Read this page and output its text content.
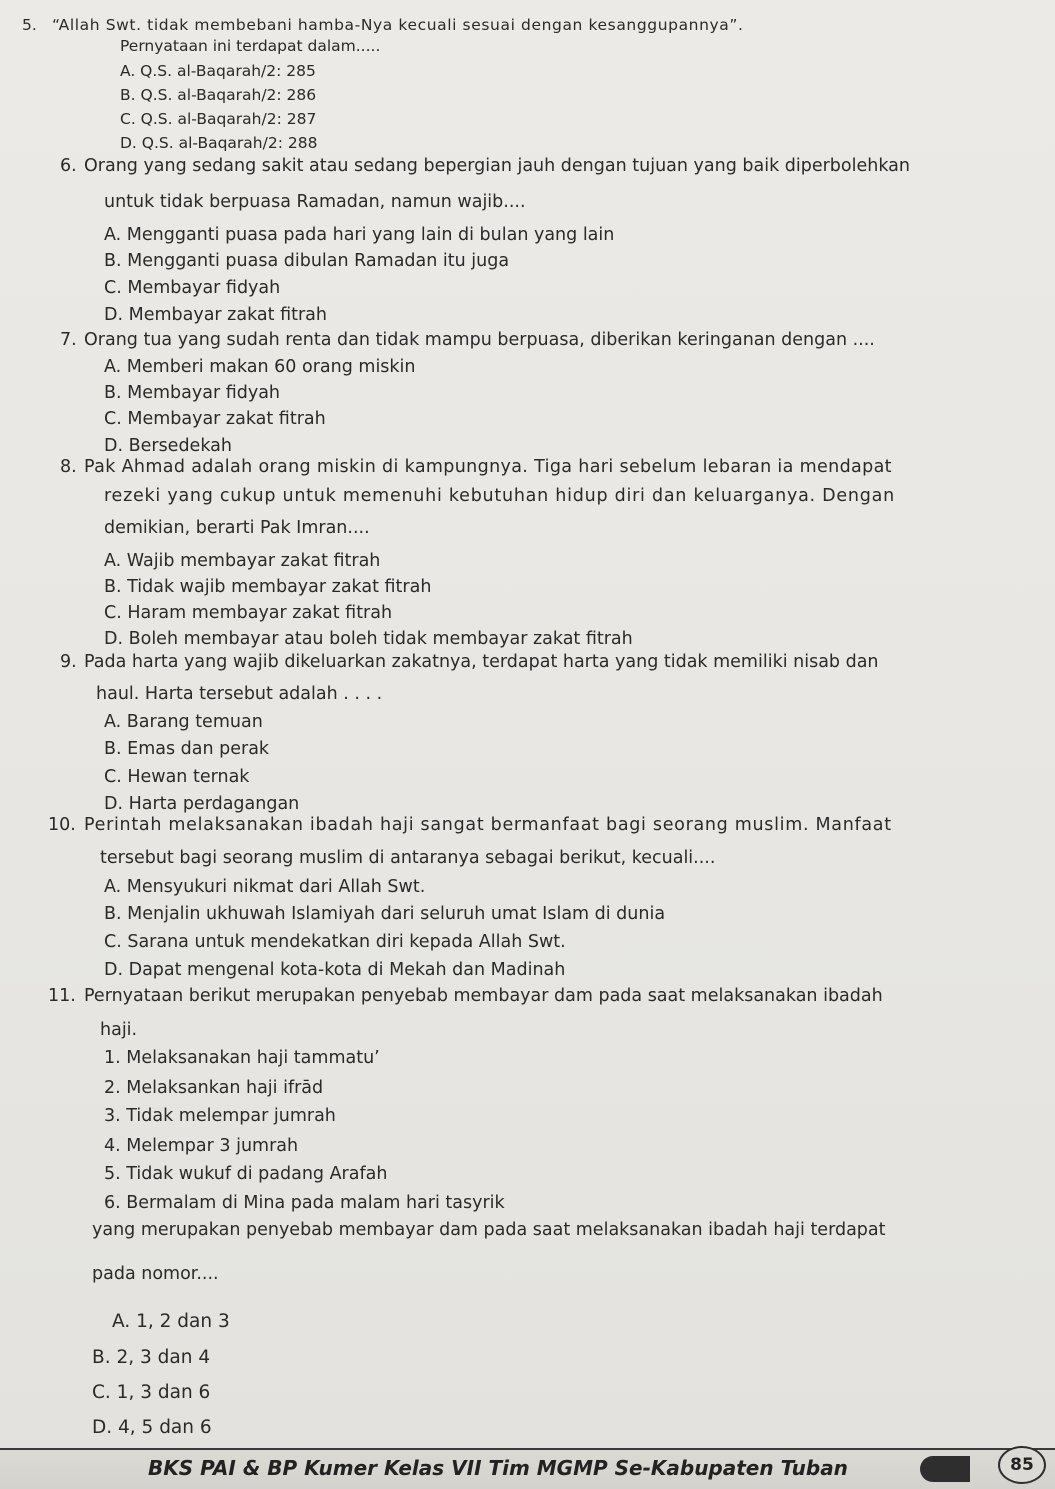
5. “Allah Swt. tidak membebani hamba-Nya kecuali sesuai dengan kesanggupannya”.
Pernyataan ini terdapat dalam.....
A. Q.S. al-Baqarah/2: 285
B. Q.S. al-Baqarah/2: 286
C. Q.S. al-Baqarah/2: 287
D. Q.S. al-Baqarah/2: 288
6. Orang yang sedang sakit atau sedang bepergian jauh dengan tujuan yang baik diperbolehkan
untuk tidak berpuasa Ramadan, namun wajib....
A. Mengganti puasa pada hari yang lain di bulan yang lain
B. Mengganti puasa dibulan Ramadan itu juga
C. Membayar fidyah
D. Membayar zakat fitrah
7. Orang tua yang sudah renta dan tidak mampu berpuasa, diberikan keringanan dengan ....
A. Memberi makan 60 orang miskin
B. Membayar fidyah
C. Membayar zakat fitrah
D. Bersedekah
8. Pak Ahmad adalah orang miskin di kampungnya. Tiga hari sebelum lebaran ia mendapat
rezeki yang cukup untuk memenuhi kebutuhan hidup diri dan keluarganya. Dengan
demikian, berarti Pak Imran....
A. Wajib membayar zakat fitrah
B. Tidak wajib membayar zakat fitrah
C. Haram membayar zakat fitrah
D. Boleh membayar atau boleh tidak membayar zakat fitrah
9. Pada harta yang wajib dikeluarkan zakatnya, terdapat harta yang tidak memiliki nisab dan
haul. Harta tersebut adalah . . . .
A. Barang temuan
B. Emas dan perak
C. Hewan ternak
D. Harta perdagangan
10. Perintah melaksanakan ibadah haji sangat bermanfaat bagi seorang muslim. Manfaat
tersebut bagi seorang muslim di antaranya sebagai berikut, kecuali....
A. Mensyukuri nikmat dari Allah Swt.
B. Menjalin ukhuwah Islamiyah dari seluruh umat Islam di dunia
C. Sarana untuk mendekatkan diri kepada Allah Swt.
D. Dapat mengenal kota-kota di Mekah dan Madinah
11. Pernyataan berikut merupakan penyebab membayar dam pada saat melaksanakan ibadah
haji.
1. Melaksanakan haji tammatu’
2. Melaksankan haji ifrād
3. Tidak melempar jumrah
4. Melempar 3 jumrah
5. Tidak wukuf di padang Arafah
6. Bermalam di Mina pada malam hari tasyrik
yang merupakan penyebab membayar dam pada saat melaksanakan ibadah haji terdapat
pada nomor....
A. 1, 2 dan 3
B. 2, 3 dan 4
C. 1, 3 dan 6
D. 4, 5 dan 6
BKS PAI & BP Kumer Kelas VII Tim MGMP Se-Kabupaten Tuban	85
